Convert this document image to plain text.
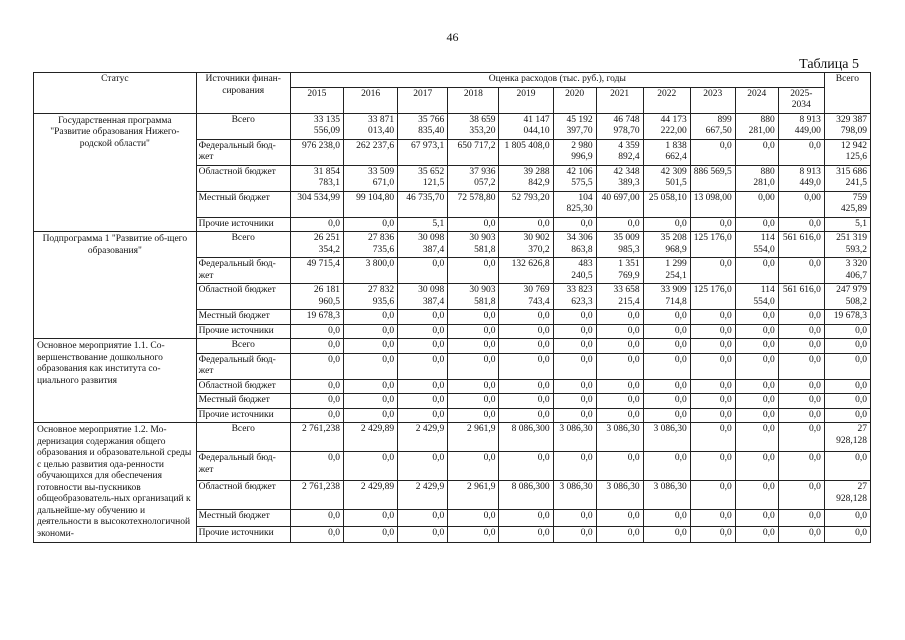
46
Таблица 5
Статус	Источники финан-сирования	Оценка расходов (тыс. руб.), годы											Всего
		2015	2016	2017	2018	2019	2020	2021	2022	2023	2024	2025-2034	
Государственная программа "Развитие образования Нижего-родской области"	Всего	33 135 556,09	33 871 013,40	35 766 835,40	38 659 353,20	41 147 044,10	45 192 397,70	46 748 978,70	44 173 222,00	899 667,50	880 281,00	8 913 449,00	329 387 798,09
	Федеральный бюд-жет	976 238,0	262 237,6	67 973,1	650 717,2	1 805 408,0	2 980 996,9	4 359 892,4	1 838 662,4	0,0	0,0	0,0	12 942 125,6
	Областной бюджет	31 854 783,1	33 509 671,0	35 652 121,5	37 936 057,2	39 288 842,9	42 106 575,5	42 348 389,3	42 309 501,5	886 569,5	880 281,0	8 913 449,0	315 686 241,5
	Местный бюджет	304 534,99	99 104,80	46 735,70	72 578,80	52 793,20	104 825,30	40 697,00	25 058,10	13 098,00	0,00	0,00	759 425,89
	Прочие источники	0,0	0,0	5,1	0,0	0,0	0,0	0,0	0,0	0,0	0,0	0,0	5,1
Подпрограмма 1 "Развитие об-щего образования"	Всего	26 251 354,2	27 836 735,6	30 098 387,4	30 903 581,8	30 902 370,2	34 306 863,8	35 009 985,3	35 208 968,9	125 176,0	114 554,0	561 616,0	251 319 593,2
	Федеральный бюд-жет	49 715,4	3 800,0	0,0	0,0	132 626,8	483 240,5	1 351 769,9	1 299 254,1	0,0	0,0	0,0	3 320 406,7
	Областной бюджет	26 181 960,5	27 832 935,6	30 098 387,4	30 903 581,8	30 769 743,4	33 823 623,3	33 658 215,4	33 909 714,8	125 176,0	114 554,0	561 616,0	247 979 508,2
	Местный бюджет	19 678,3	0,0	0,0	0,0	0,0	0,0	0,0	0,0	0,0	0,0	0,0	19 678,3
	Прочие источники	0,0	0,0	0,0	0,0	0,0	0,0	0,0	0,0	0,0	0,0	0,0	0,0
Основное мероприятие 1.1. Со-вершенствование дошкольного образования как института со-циального развития	Всего	0,0	0,0	0,0	0,0	0,0	0,0	0,0	0,0	0,0	0,0	0,0	0,0
	Федеральный бюд-жет	0,0	0,0	0,0	0,0	0,0	0,0	0,0	0,0	0,0	0,0	0,0	0,0
	Областной бюджет	0,0	0,0	0,0	0,0	0,0	0,0	0,0	0,0	0,0	0,0	0,0	0,0
	Местный бюджет	0,0	0,0	0,0	0,0	0,0	0,0	0,0	0,0	0,0	0,0	0,0	0,0
	Прочие источники	0,0	0,0	0,0	0,0	0,0	0,0	0,0	0,0	0,0	0,0	0,0	0,0
Основное мероприятие 1.2. Мо-дернизация содержания общего образования и образовательной среды с целью развития ода-ренности обучающихся для обеспечения готовности вы-пускников общеобразователь-ных организаций к дальнейше-му обучению и деятельности в высокотехнологичной экономи-	Всего	2 761,238	2 429,89	2 429,9	2 961,9	8 086,300	3 086,30	3 086,30	3 086,30	0,0	0,0	0,0	27 928,128
	Федеральный бюд-жет	0,0	0,0	0,0	0,0	0,0	0,0	0,0	0,0	0,0	0,0	0,0	0,0
	Областной бюджет	2 761,238	2 429,89	2 429,9	2 961,9	8 086,300	3 086,30	3 086,30	3 086,30	0,0	0,0	0,0	27 928,128
	Местный бюджет	0,0	0,0	0,0	0,0	0,0	0,0	0,0	0,0	0,0	0,0	0,0	0,0
	Прочие источники	0,0	0,0	0,0	0,0	0,0	0,0	0,0	0,0	0,0	0,0	0,0	0,0
